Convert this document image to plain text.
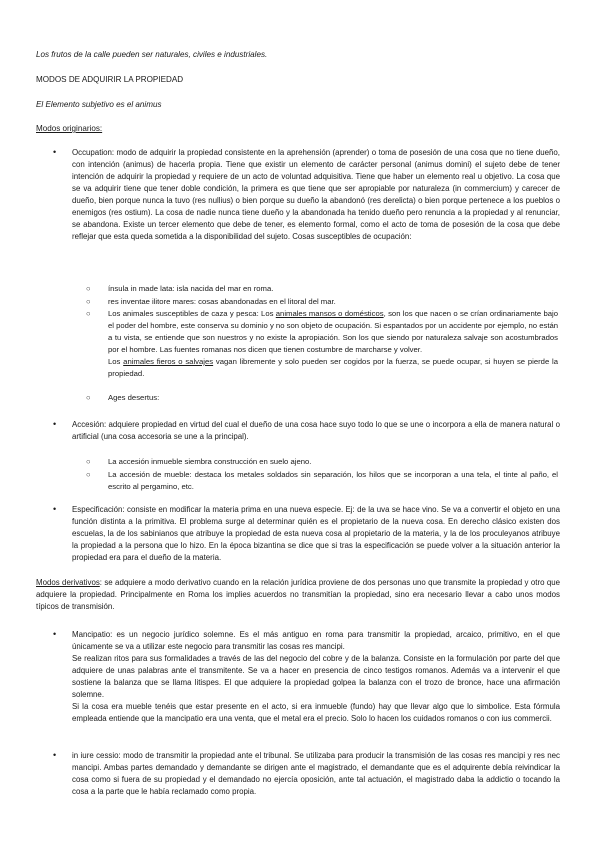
Los frutos de la calle pueden ser naturales, civiles e industriales.
MODOS DE ADQUIRIR LA PROPIEDAD
El Elemento subjetivo es el animus
Modos originarios:
• Occupation: modo de adquirir la propiedad consistente en la aprehensión (aprender) o toma de posesión de una cosa que no tiene dueño, con intención (animus) de hacerla propia. Tiene que existir un elemento de carácter personal (animus domini) el sujeto debe de tener intención de adquirir la propiedad y requiere de un acto de voluntad adquisitiva. Tiene que haber un elemento real u objetivo. La cosa que se va adquirir tiene que tener doble condición, la primera es que tiene que ser apropiable por naturaleza (in commercium) y carecer de dueño, bien porque nunca la tuvo (res nullius) o bien porque su dueño la abandonó (res derelicta) o bien porque pertenece a los pueblos o enemigos (res ostium). La cosa de nadie nunca tiene dueño y la abandonada ha tenido dueño pero renuncia a la propiedad y al renunciar, se abandona. Existe un tercer elemento que debe de tener, es elemento formal, como el acto de toma de posesión de la cosa que debe reflejar que esta queda sometida a la disponibilidad del sujeto. Cosas susceptibles de ocupación:
○ ínsula in made lata: isla nacida del mar en roma.
○ res inventae ilitore mares: cosas abandonadas en el litoral del mar.
○ Los animales susceptibles de caza y pesca: Los animales mansos o domésticos, son los que nacen o se crían ordinariamente bajo el poder del hombre, este conserva su dominio y no son objeto de ocupación. Si espantados por un accidente por ejemplo, no están a tu vista, se entiende que son nuestros y no existe la apropiación. Son los que siendo por naturaleza salvaje son acostumbrados por el hombre. Las fuentes romanas nos dicen que tienen costumbre de marcharse y volver.
Los animales fieros o salvajes vagan libremente y solo pueden ser cogidos por la fuerza, se puede ocupar, si huyen se pierde la propiedad.
○ Ages desertus:
• Accesión: adquiere propiedad en virtud del cual el dueño de una cosa hace suyo todo lo que se une o incorpora a ella de manera natural o artificial (una cosa accesoria se une a la principal).
○ La accesión inmueble siembra construcción en suelo ajeno.
○ La accesión de mueble: destaca los metales soldados sin separación, los hilos que se incorporan a una tela, el tinte al paño, el escrito al pergamino, etc.
• Especificación: consiste en modificar la materia prima en una nueva especie. Ej: de la uva se hace vino. Se va a convertir el objeto en una función distinta a la primitiva. El problema surge al determinar quién es el propietario de la nueva cosa. En derecho clásico existen dos escuelas, la de los sabinianos que atribuye la propiedad de esta nueva cosa al propietario de la materia, y la de los proculeyanos atribuye la propiedad a la persona que lo hizo. En la época bizantina se dice que si tras la especificación se puede volver a la situación anterior la propiedad era para el dueño de la materia.
Modos derivativos: se adquiere a modo derivativo cuando en la relación jurídica proviene de dos personas uno que transmite la propiedad y otro que adquiere la propiedad. Principalmente en Roma los implies acuerdos no transmitían la propiedad, sino era necesario llevar a cabo unos modos típicos de transmisión.
• Mancipatio: es un negocio jurídico solemne. Es el más antiguo en roma para transmitir la propiedad, arcaico, primitivo, en el que únicamente se va a utilizar este negocio para transmitir las cosas res mancipi.
Se realizan ritos para sus formalidades a través de las del negocio del cobre y de la balanza. Consiste en la formulación por parte del que adquiere de unas palabras ante el transmitente. Se va a hacer en presencia de cinco testigos romanos. Además va a intervenir el que sostiene la balanza que se llama litispes. El que adquiere la propiedad golpea la balanza con el trozo de bronce, hace una afirmación solemne.
Si la cosa era mueble tenéis que estar presente en el acto, si era inmueble (fundo) hay que llevar algo que lo simbolice. Esta fórmula empleada entiende que la mancipatio era una venta, que el metal era el precio. Solo lo hacen los cuidados romanos o con ius commercii.
• in iure cessio: modo de transmitir la propiedad ante el tribunal. Se utilizaba para producir la transmisión de las cosas res mancipi y res nec mancipi. Ambas partes demandado y demandante se dirigen ante el magistrado, el demandante que es el adquirente debía reivindicar la cosa como si fuera de su propiedad y el demandado no ejercía oposición, ante tal actuación, el magistrado daba la addictio o tocando la cosa a la parte que le había reclamado como propia.
